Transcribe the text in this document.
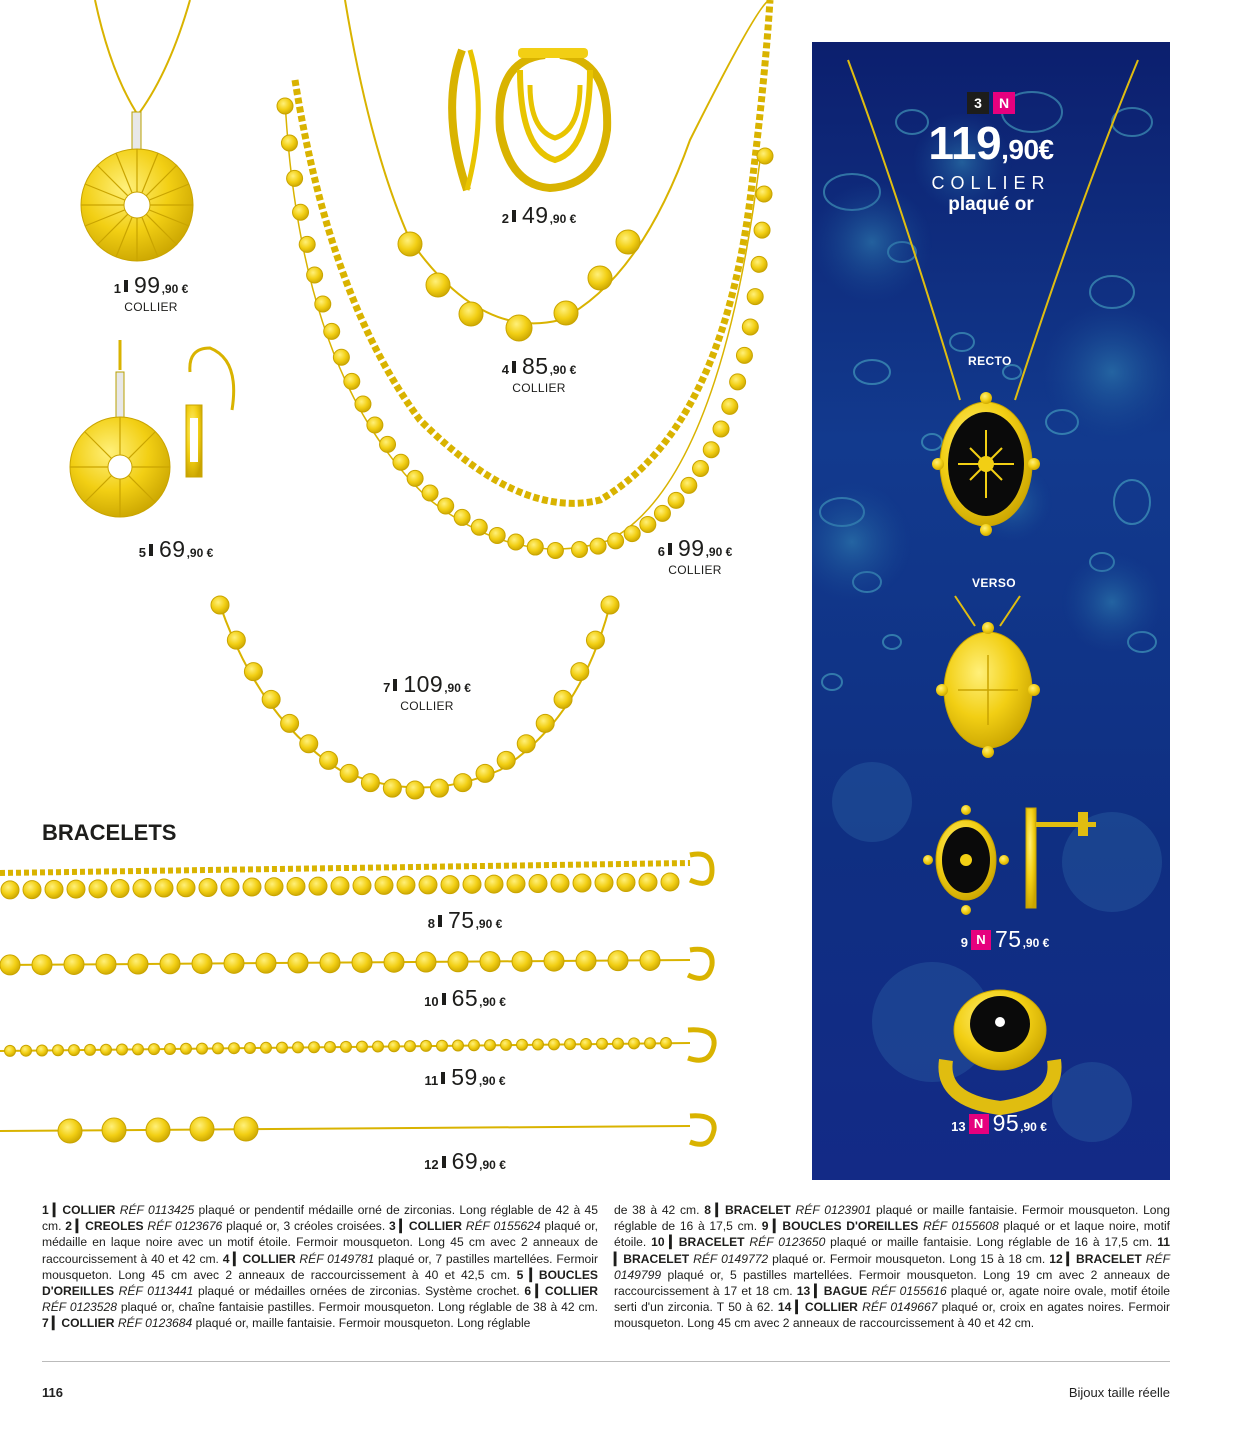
1 99 ,90 €
COLLIER
2 49 ,90 €
4 85 ,90 €
COLLIER
5 69 ,90 €	6 99 ,90 €
COLLIER
7 109 ,90 €
COLLIER
BRACELETS
8 75 ,90 €
10 65 ,90 €
11 59 ,90 €
12 69 ,90 €
9 N 75 ,90 €
13 N 95 ,90 €
3	N
119,90€
COLLIER
plaqué or
RECTO
VERSO
1 ▎COLLIER RÉF 0113425 plaqué or pendentif médaille orné de zirconias. Long réglable de 42 à 45 cm. 2 ▎CREOLES RÉF 0123676 plaqué or, 3 créoles croisées. 3 ▎COLLIER RÉF 0155624 plaqué or, médaille en laque noire avec un motif étoile. Fermoir mousqueton. Long 45 cm avec 2 anneaux de raccourcissement à 40 et 42 cm. 4 ▎COLLIER RÉF 0149781 plaqué or, 7 pastilles martellées. Fermoir mousqueton. Long 45 cm avec 2 anneaux de raccourcissement à 40 et 42,5 cm. 5 ▎BOUCLES D'OREILLES RÉF 0113441 plaqué or médailles ornées de zirconias. Système crochet. 6 ▎COLLIER RÉF 0123528 plaqué or, chaîne fantaisie pastilles. Fermoir mousqueton. Long réglable de 38 à 42 cm. 7 ▎COLLIER RÉF 0123684 plaqué or, maille fantaisie. Fermoir mousqueton. Long réglable
de 38 à 42 cm. 8 ▎BRACELET RÉF 0123901 plaqué or maille fantaisie. Fermoir mousqueton. Long réglable de 16 à 17,5 cm. 9 ▎BOUCLES D'OREILLES RÉF 0155608 plaqué or et laque noire, motif étoile. 10 ▎BRACELET RÉF 0123650 plaqué or maille fantaisie. Long réglable de 16 à 17,5 cm. 11 ▎BRACELET RÉF 0149772 plaqué or. Fermoir mousqueton. Long 15 à 18 cm. 12 ▎BRACELET RÉF 0149799 plaqué or, 5 pastilles martellées. Fermoir mousqueton. Long 19 cm avec 2 anneaux de raccourcissement à 17 et 18 cm. 13 ▎BAGUE RÉF 0155616 plaqué or, agate noire ovale, motif étoile serti d'un zirconia. T 50 à 62. 14 ▎COLLIER RÉF 0149667 plaqué or, croix en agates noires. Fermoir mousqueton. Long 45 cm avec 2 anneaux de raccourcissement à 40 et 42 cm.
116	Bijoux taille réelle
